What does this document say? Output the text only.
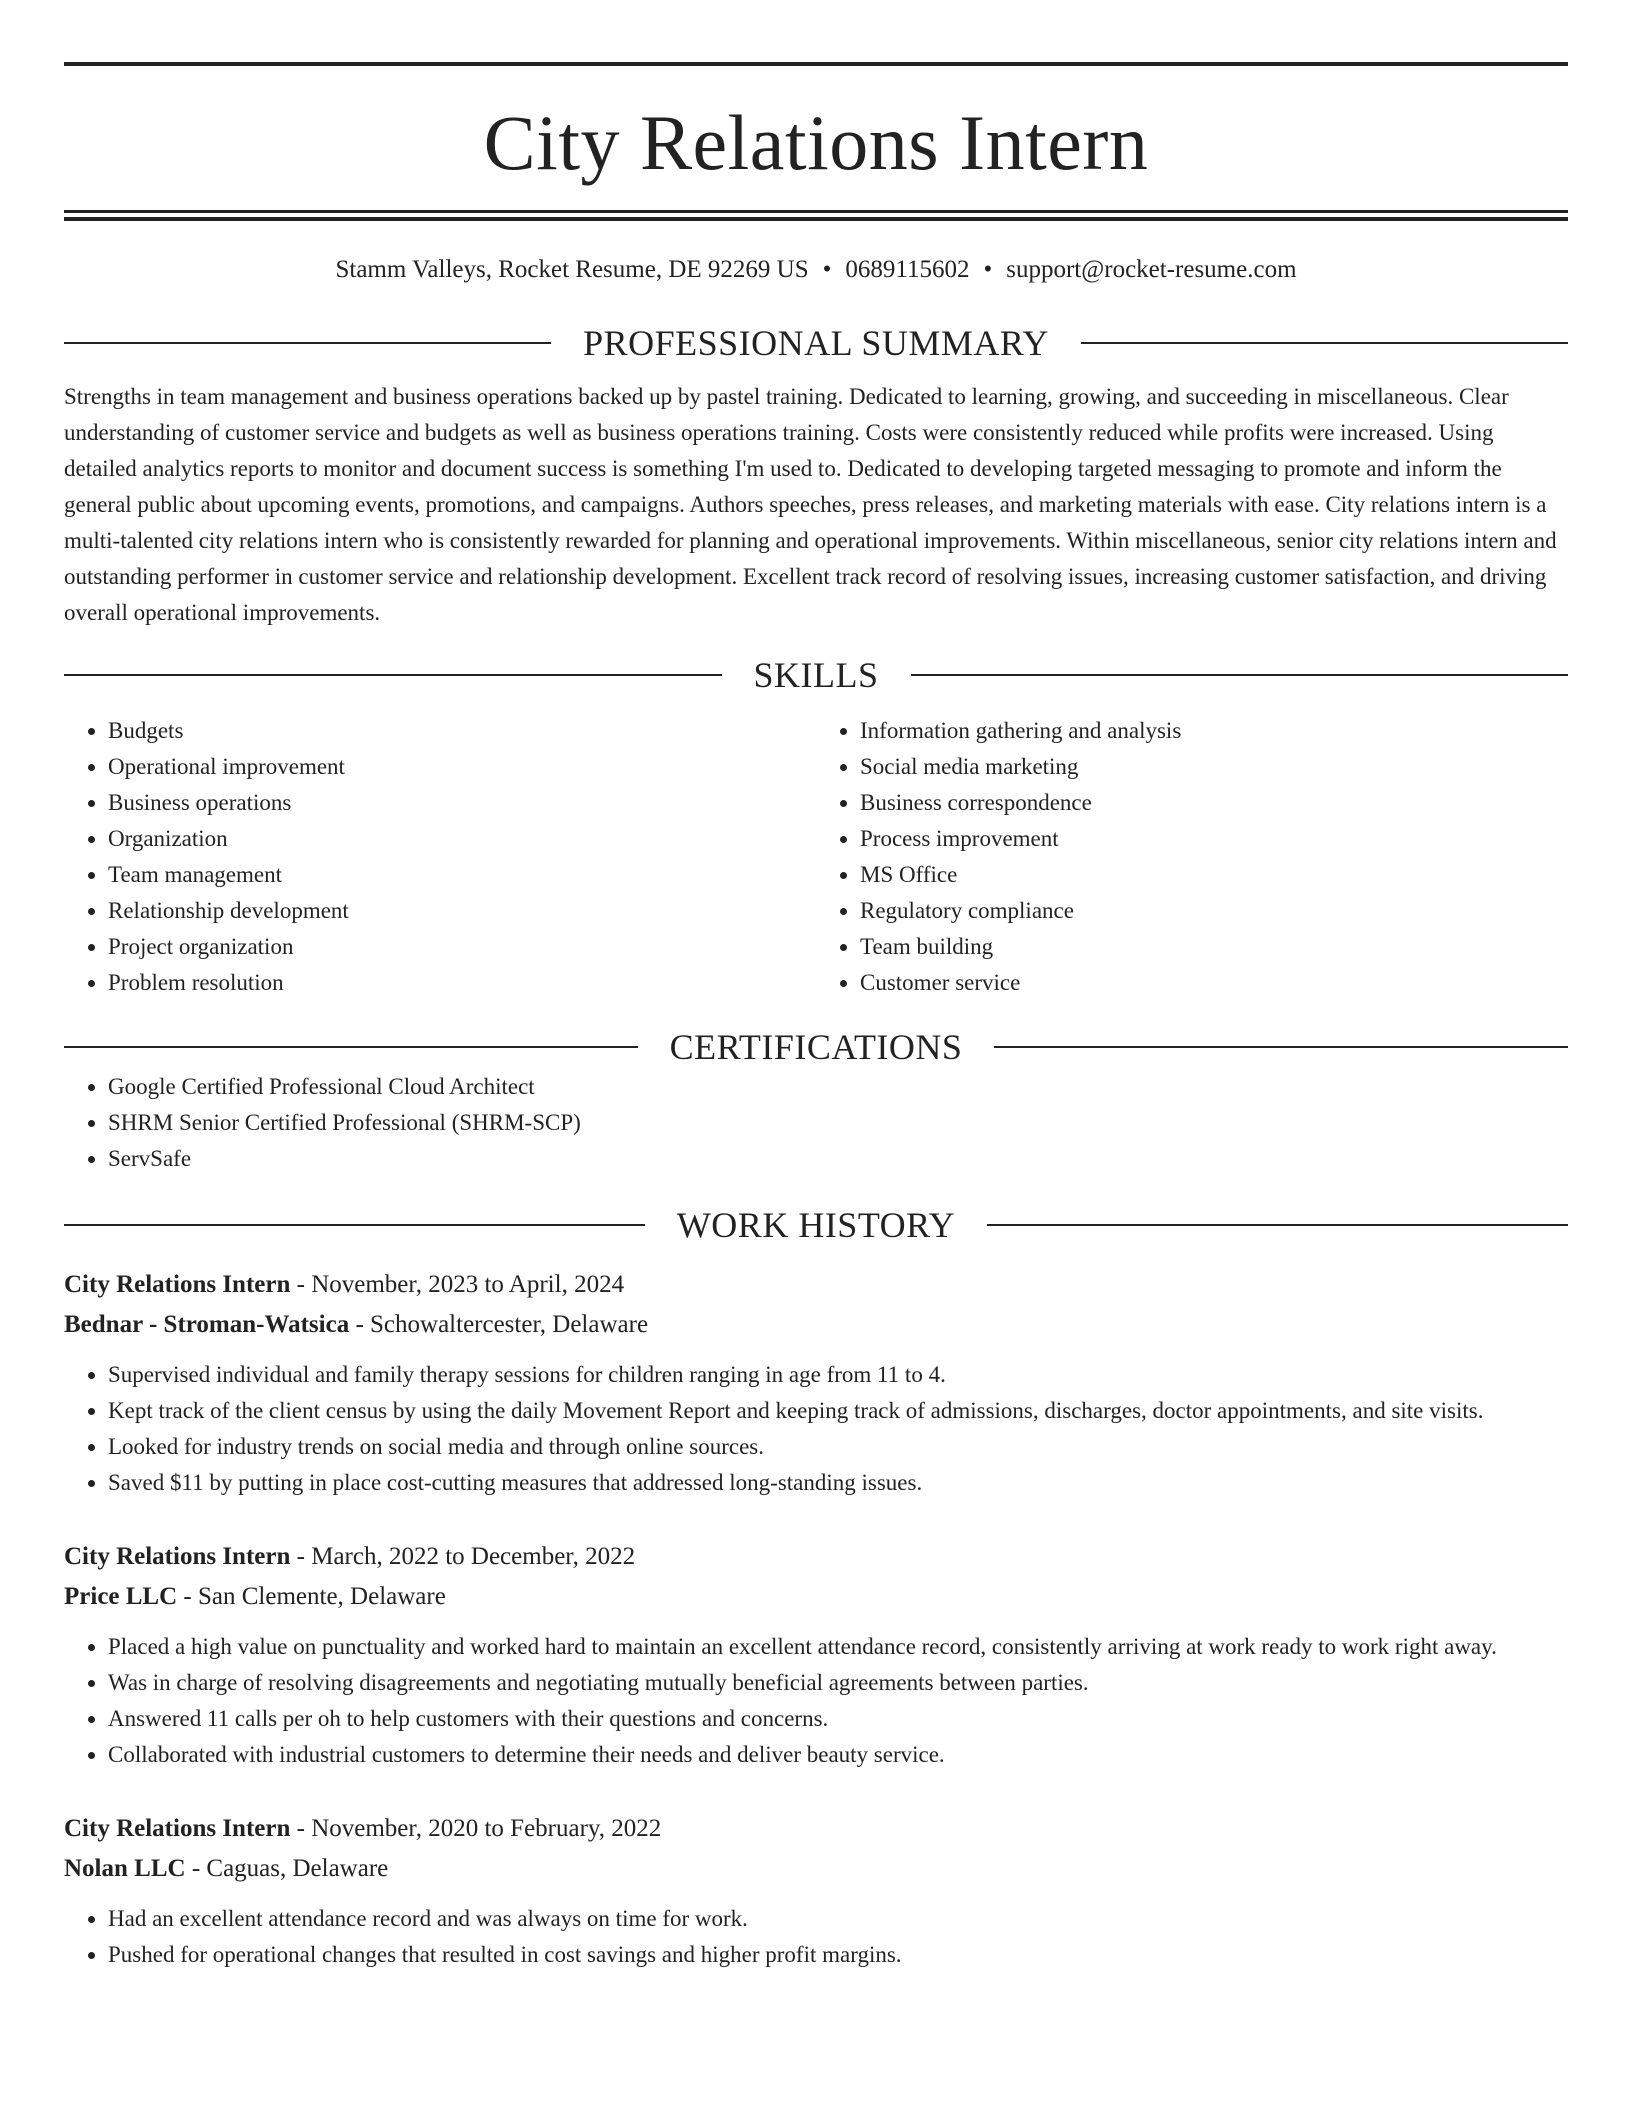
City Relations Intern
Stamm Valleys, Rocket Resume, DE 92269 US • 0689115602 • support@rocket-resume.com
PROFESSIONAL SUMMARY
Strengths in team management and business operations backed up by pastel training. Dedicated to learning, growing, and succeeding in miscellaneous. Clear understanding of customer service and budgets as well as business operations training. Costs were consistently reduced while profits were increased. Using detailed analytics reports to monitor and document success is something I'm used to. Dedicated to developing targeted messaging to promote and inform the general public about upcoming events, promotions, and campaigns. Authors speeches, press releases, and marketing materials with ease. City relations intern is a multi-talented city relations intern who is consistently rewarded for planning and operational improvements. Within miscellaneous, senior city relations intern and outstanding performer in customer service and relationship development. Excellent track record of resolving issues, increasing customer satisfaction, and driving overall operational improvements.
SKILLS
• Budgets
• Operational improvement
• Business operations
• Organization
• Team management
• Relationship development
• Project organization
• Problem resolution
• Information gathering and analysis
• Social media marketing
• Business correspondence
• Process improvement
• MS Office
• Regulatory compliance
• Team building
• Customer service
CERTIFICATIONS
• Google Certified Professional Cloud Architect
• SHRM Senior Certified Professional (SHRM-SCP)
• ServSafe
WORK HISTORY
City Relations Intern - November, 2023 to April, 2024
Bednar - Stroman-Watsica - Schowaltercester, Delaware
• Supervised individual and family therapy sessions for children ranging in age from 11 to 4.
• Kept track of the client census by using the daily Movement Report and keeping track of admissions, discharges, doctor appointments, and site visits.
• Looked for industry trends on social media and through online sources.
• Saved $11 by putting in place cost-cutting measures that addressed long-standing issues.
City Relations Intern - March, 2022 to December, 2022
Price LLC - San Clemente, Delaware
• Placed a high value on punctuality and worked hard to maintain an excellent attendance record, consistently arriving at work ready to work right away.
• Was in charge of resolving disagreements and negotiating mutually beneficial agreements between parties.
• Answered 11 calls per oh to help customers with their questions and concerns.
• Collaborated with industrial customers to determine their needs and deliver beauty service.
City Relations Intern - November, 2020 to February, 2022
Nolan LLC - Caguas, Delaware
• Had an excellent attendance record and was always on time for work.
• Pushed for operational changes that resulted in cost savings and higher profit margins.
